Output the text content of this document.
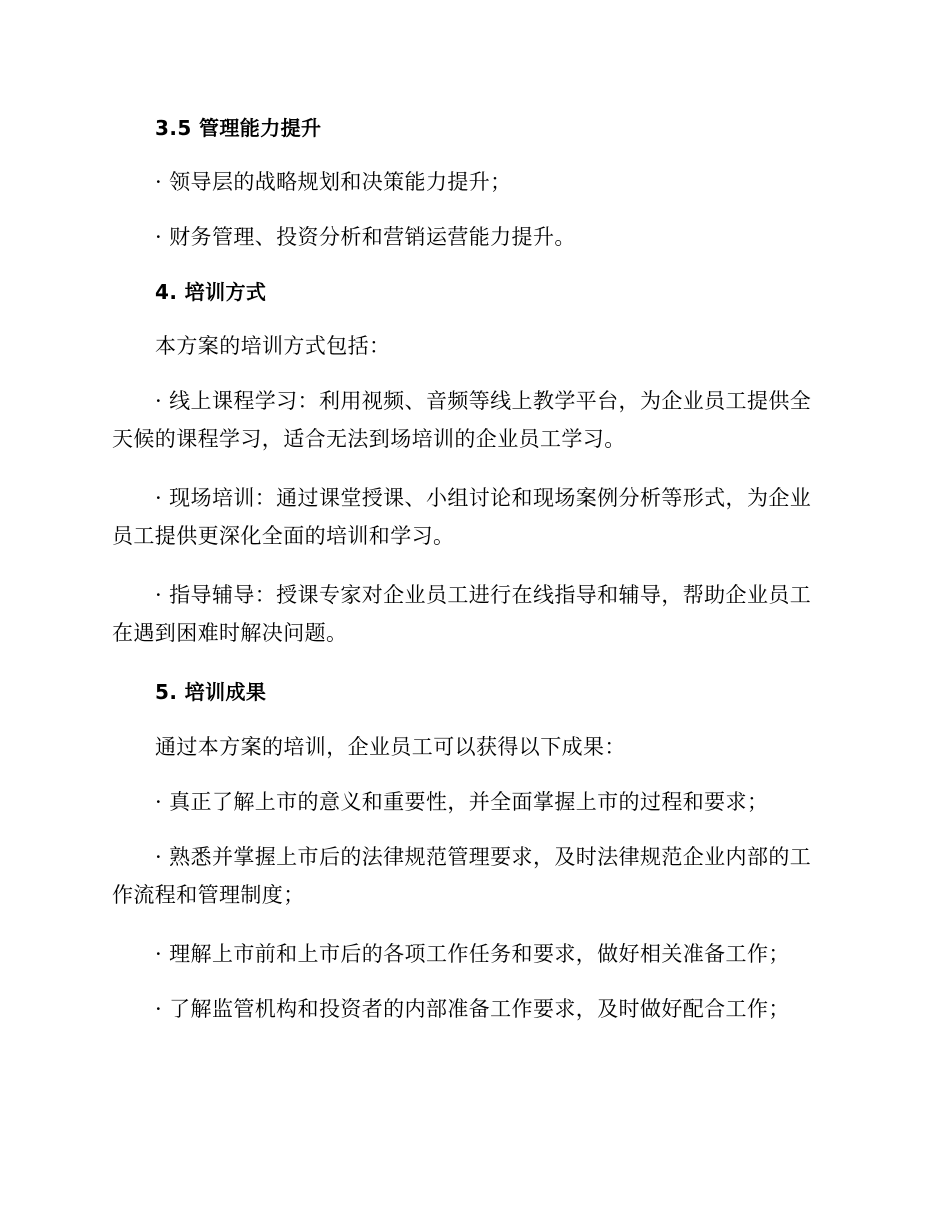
3.5 管理能力提升

· 领导层的战略规划和决策能力提升；

· 财务管理、投资分析和营销运营能力提升。

4. 培训方式

本方案的培训方式包括：

· 线上课程学习：利用视频、音频等线上教学平台，为企业员工提供全天候的课程学习，适合无法到场培训的企业员工学习。

· 现场培训：通过课堂授课、小组讨论和现场案例分析等形式，为企业员工提供更深化全面的培训和学习。

· 指导辅导：授课专家对企业员工进行在线指导和辅导，帮助企业员工在遇到困难时解决问题。

5. 培训成果

通过本方案的培训，企业员工可以获得以下成果：

· 真正了解上市的意义和重要性，并全面掌握上市的过程和要求；

· 熟悉并掌握上市后的法律规范管理要求，及时法律规范企业内部的工作流程和管理制度；

· 理解上市前和上市后的各项工作任务和要求，做好相关准备工作；

· 了解监管机构和投资者的内部准备工作要求，及时做好配合工作；
